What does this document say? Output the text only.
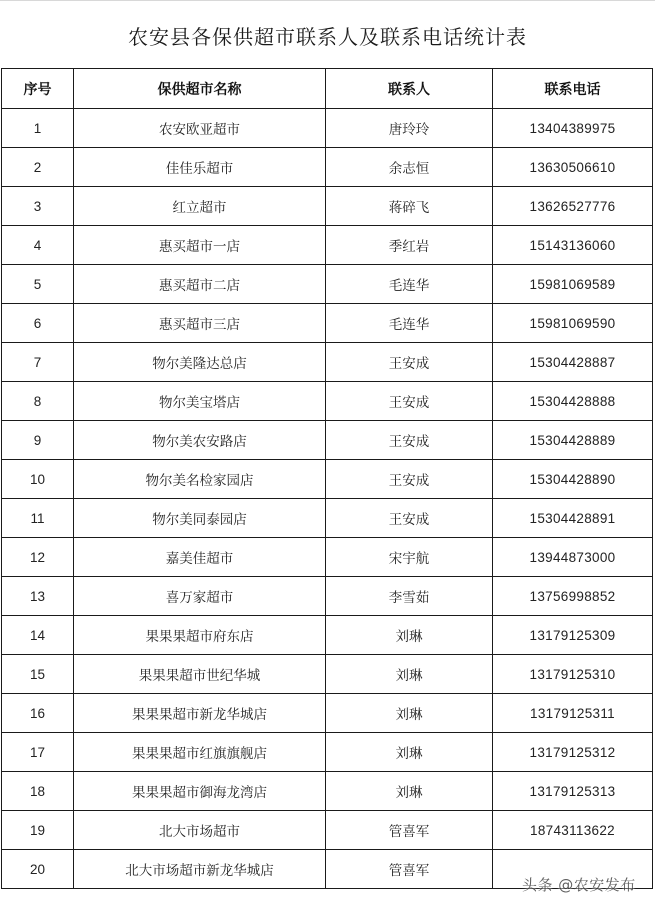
农安县各保供超市联系人及联系电话统计表
序号	保供超市名称	联系人	联系电话
1	农安欧亚超市	唐玲玲	13404389975
2	佳佳乐超市	余志恒	13630506610
3	红立超市	蒋碎飞	13626527776
4	惠买超市一店	季红岩	15143136060
5	惠买超市二店	毛连华	15981069589
6	惠买超市三店	毛连华	15981069590
7	物尔美隆达总店	王安成	15304428887
8	物尔美宝塔店	王安成	15304428888
9	物尔美农安路店	王安成	15304428889
10	物尔美名检家园店	王安成	15304428890
11	物尔美同泰园店	王安成	15304428891
12	嘉美佳超市	宋宇航	13944873000
13	喜万家超市	李雪茹	13756998852
14	果果果超市府东店	刘琳	13179125309
15	果果果超市世纪华城	刘琳	13179125310
16	果果果超市新龙华城店	刘琳	13179125311
17	果果果超市红旗旗舰店	刘琳	13179125312
18	果果果超市御海龙湾店	刘琳	13179125313
19	北大市场超市	管喜军	18743113622
20	北大市场超市新龙华城店	管喜军	
头条 @农安发布
